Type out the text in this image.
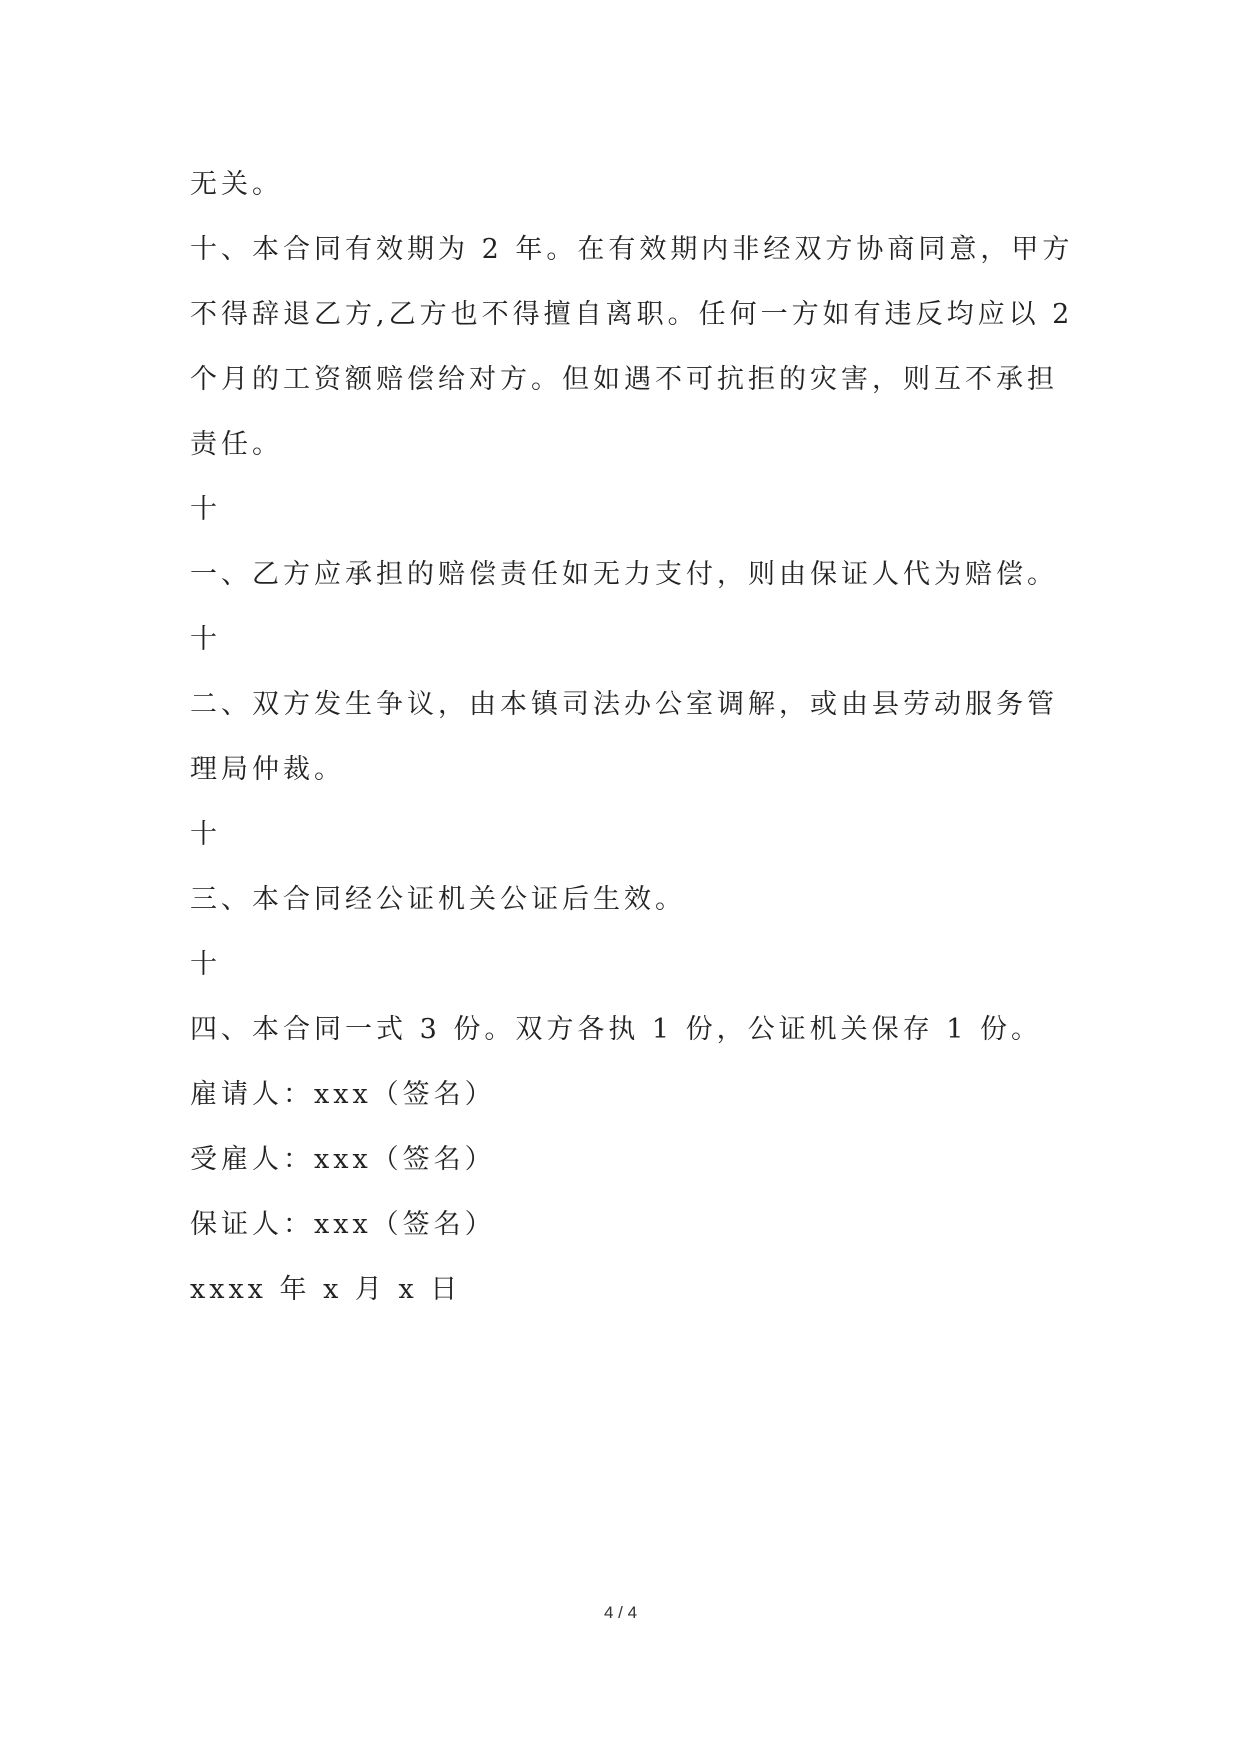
无关。
十、本合同有效期为 2 年。在有效期内非经双方协商同意，甲方
不得辞退乙方,乙方也不得擅自离职。任何一方如有违反均应以 2
个月的工资额赔偿给对方。但如遇不可抗拒的灾害，则互不承担
责任。
十
一、乙方应承担的赔偿责任如无力支付，则由保证人代为赔偿。
十
二、双方发生争议，由本镇司法办公室调解，或由县劳动服务管
理局仲裁。
十
三、本合同经公证机关公证后生效。
十
四、本合同一式 3 份。双方各执 1 份，公证机关保存 1 份。
雇请人：xxx（签名）
受雇人：xxx（签名）
保证人：xxx（签名）
xxxx 年 x 月 x 日
4 / 4
